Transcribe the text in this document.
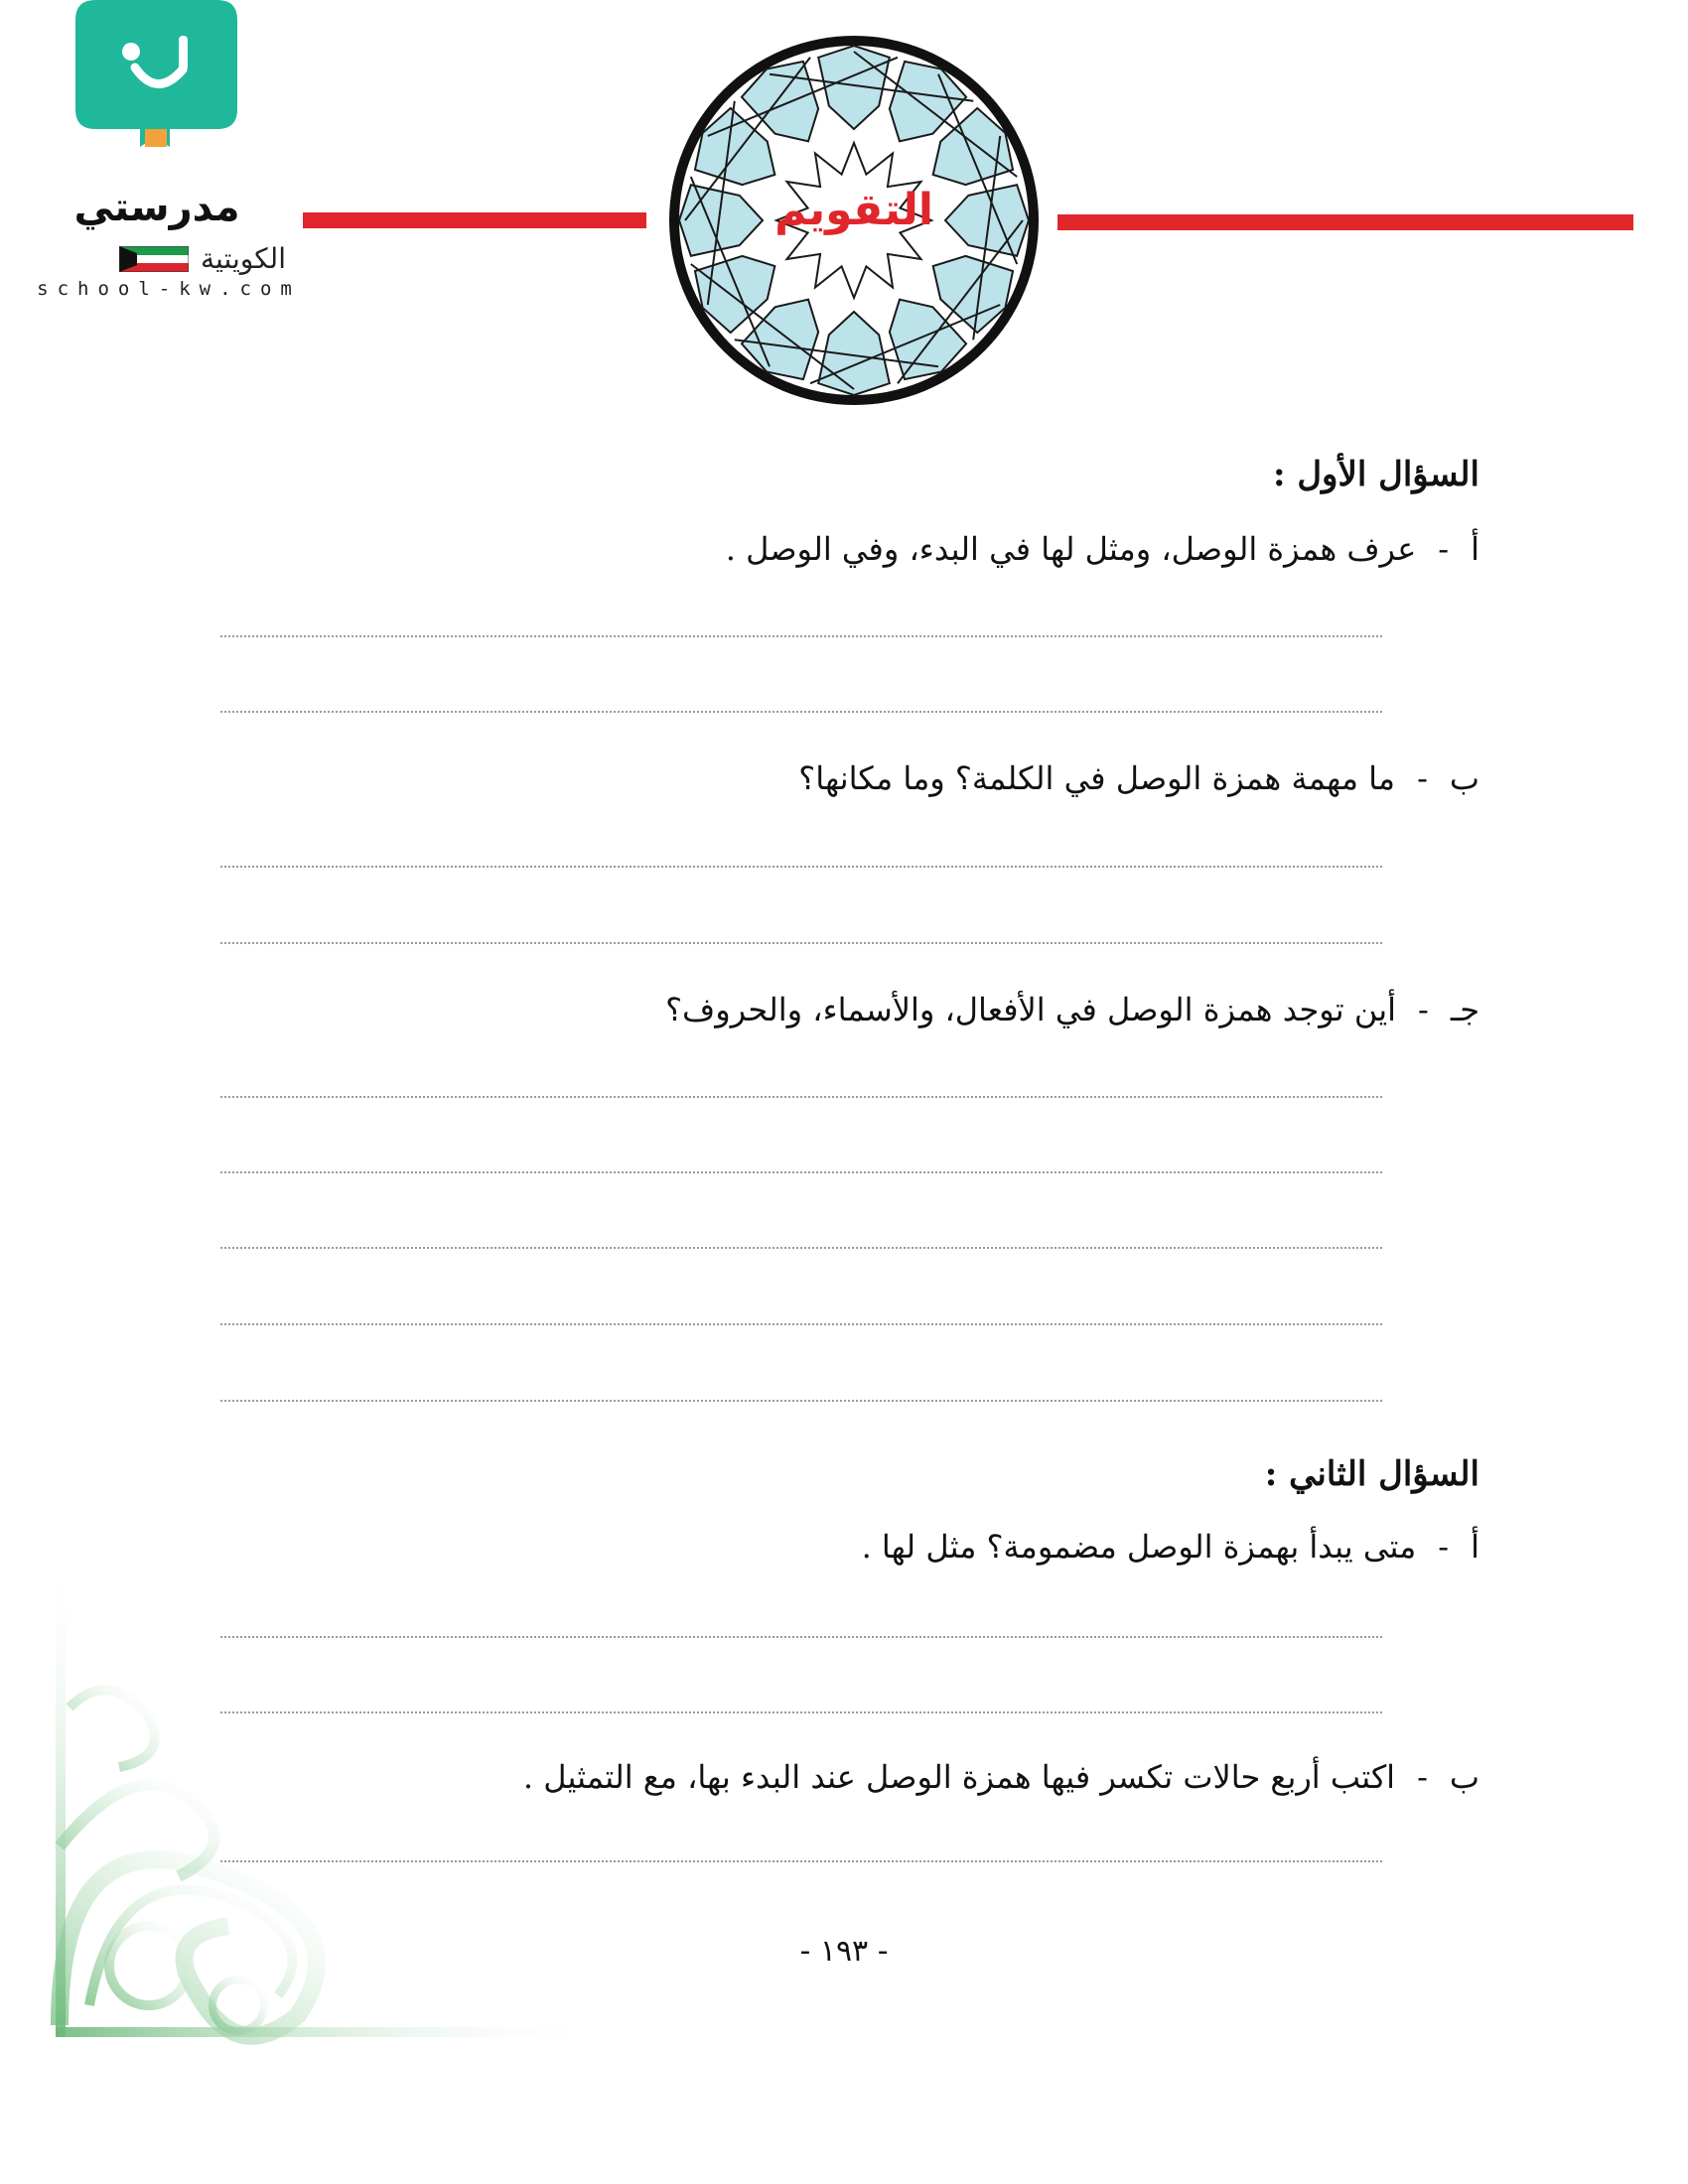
مدرستي
الكويتية
school-kw.com
التقويم
السؤال الأول :
أ-عرف همزة الوصل، ومثل لها في البدء، وفي الوصل .
ب-ما مهمة همزة الوصل في الكلمة؟ وما مكانها؟
جـ-أين توجد همزة الوصل في الأفعال، والأسماء، والحروف؟
السؤال الثاني :
أ-متى يبدأ بهمزة الوصل مضمومة؟ مثل لها .
ب-اكتب أربع حالات تكسر فيها همزة الوصل عند البدء بها، مع التمثيل .
- ١٩٣ -
